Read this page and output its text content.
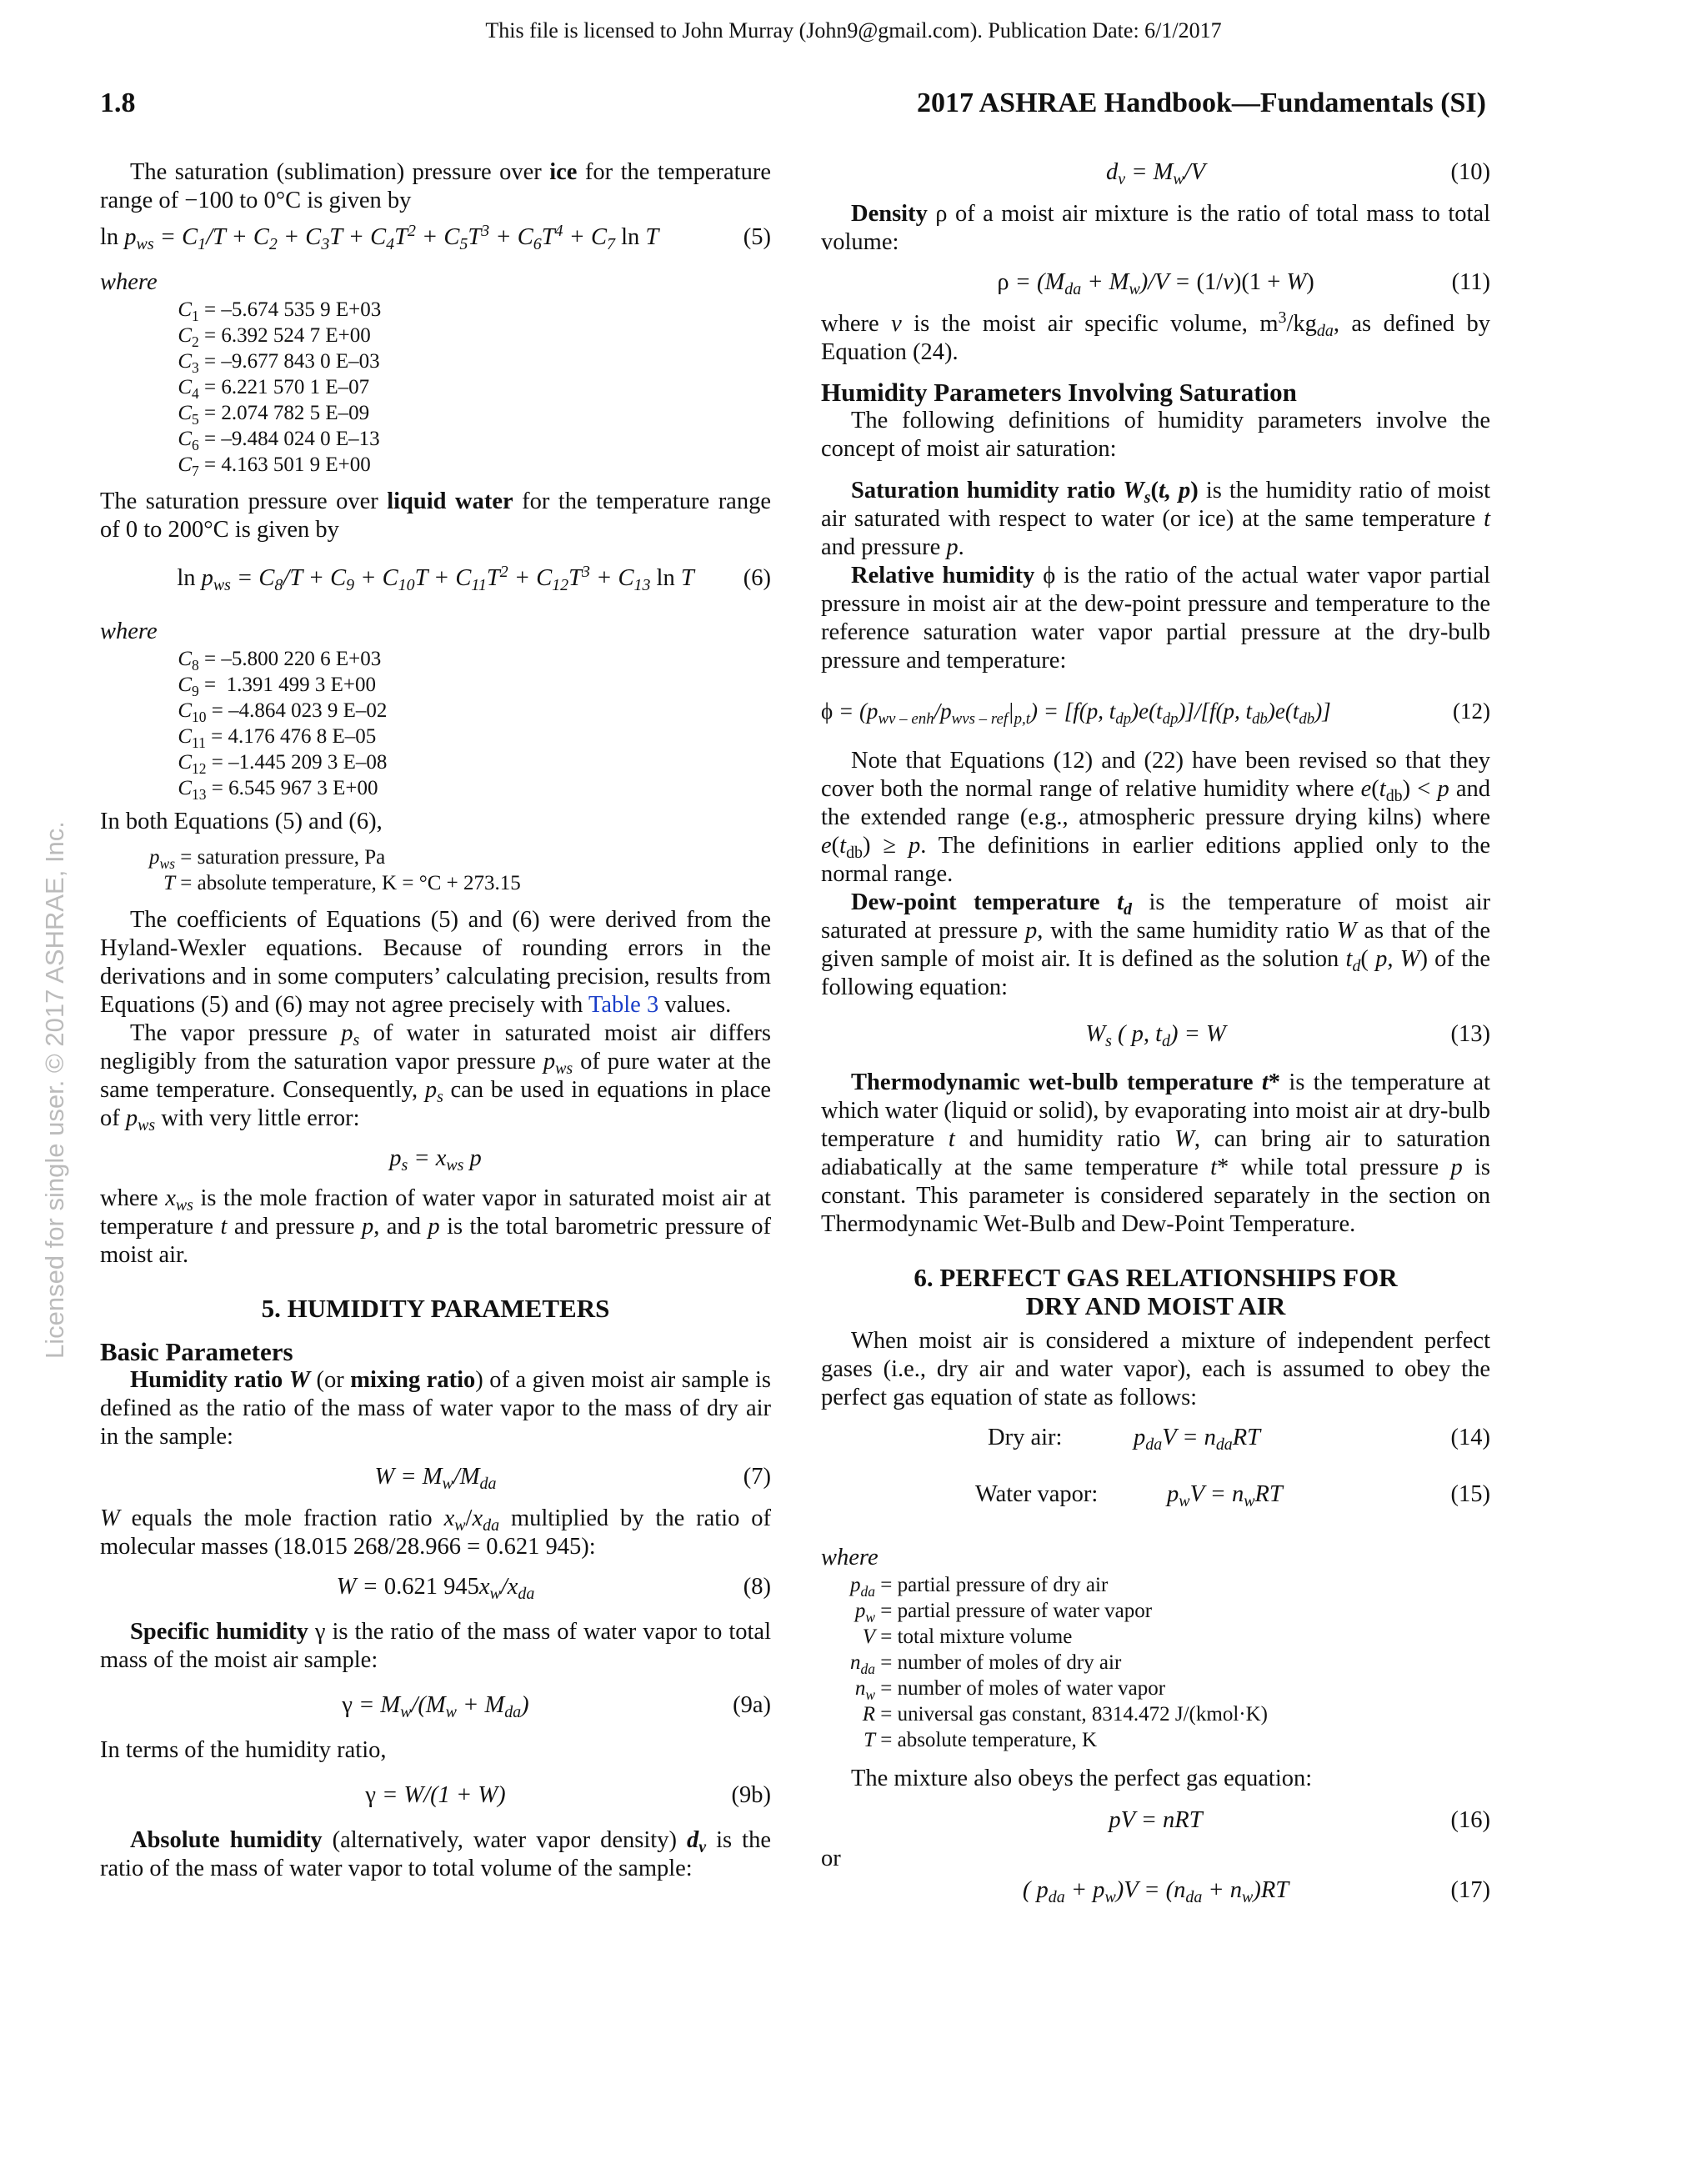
This file is licensed to John Murray (John9@gmail.com). Publication Date: 6/1/2017
1.8	2017 ASHRAE Handbook—Fundamentals (SI)
Licensed for single user. © 2017 ASHRAE, Inc.

The saturation (sublimation) pressure over ice for the temperature range of −100 to 0°C is given by

$\ln p_{ws} = C_1/T + C_2 + C_3T + C_4T^2 + C_5T^3 + C_6T^4 + C_7$ ln T	(5)
where
$C_1 = -5.674$ 535 9 E+03
$C_2 = 6.392$ 524 7 E+00
$C_3 = -9.677$ 843 0 E–03
$C_4 = 6.221$ 570 1 E–07
$C_5 = 2.074$ 782 5 E–09
$C_6 = -9.484$ 024 0 E–13
$C_7 = 4.163$ 501 9 E+00

The saturation pressure over liquid water for the temperature range of 0 to 200°C is given by

$\ln p_{ws} = C_8/T + C_9 + C_{10}T + C_{11}T^2 + C_{12}T^3 + C_{13}$ ln T (6)
where
$C_8 = -5.800$ 220 6 E+03
$C_9 = 1.391$ 499 3 E+00
$C_{10} = -4.864$ 023 9 E–02
$C_{11} = 4.176$ 476 8 E–05
$C_{12} = -1.445$ 209 3 E–08
$C_{13} = 6.545$ 967 3 E+00

In both Equations (5) and (6),

$p_{ws}$ = saturation pressure, Pa
T = absolute temperature, K = °C + 273.15

The coefficients of Equations (5) and (6) were derived from the Hyland-Wexler equations. Because of rounding errors in the derivations and in some computers’ calculating precision, results from Equations (5) and (6) may not agree precisely with Table 3 values.

The vapor pressure $p_s$ of water in saturated moist air differs negligibly from the saturation vapor pressure $p_{ws}$ of pure water at the same temperature. Consequently, $p_s$ can be used in equations in place of $p_{ws}$ with very little error:

$p_s = x_{ws}$ p

where $x_{ws}$ is the mole fraction of water vapor in saturated moist air at temperature t and pressure p, and p is the total barometric pressure of moist air.

5. HUMIDITY PARAMETERS
Basic Parameters

Humidity ratio W (or mixing ratio) of a given moist air sample is defined as the ratio of the mass of water vapor to the mass of dry air in the sample:

$W = M_w/M_{da}$	(7)

W equals the mole fraction ratio $x_w/x_{da}$ multiplied by the ratio of molecular masses (18.015 268/28.966 = 0.621 945):

W = 0.621 $945x_w/x_{da}$	(8)

Specific humidity γ is the ratio of the mass of water vapor to total mass of the moist air sample:

$\gamma = M_w/(M_w + M_{da})$	(9a)

In terms of the humidity ratio,

γ = W/(1 + W)	(9b)

Absolute humidity (alternatively, water vapor density) $d_v$ is the ratio of the mass of water vapor to total volume of the sample:

$d_v = M_w/V$	(10)

Density ρ of a moist air mixture is the ratio of total mass to total volume:

$\rho = (M_{da} + M_w)/V = (1/v)(1 + W)$	(11)

where v is the moist air specific volume, $m^3/kg_{da}$, as defined by Equation (24).

Humidity Parameters Involving Saturation

The following definitions of humidity parameters involve the concept of moist air saturation:

Saturation humidity ratio $W_s(t$, p) is the humidity ratio of moist air saturated with respect to water (or ice) at the same temperature t and pressure p.

Relative humidity ϕ is the ratio of the actual water vapor partial pressure in moist air at the dew-point pressure and temperature to the reference saturation water vapor partial pressure at the dry-bulb pressure and temperature:

$\phi = (p_{wv - enh}/p_{wvs - ref}|_{p,t}) = [f(p$, $t_{dp})e(t_{dp})]/[f(p$, $t_{db})e(t_{db})$]	(12)

Note that Equations (12) and (22) have been revised so that they cover both the normal range of relative humidity where $e(t_{db}) < p$ and the extended range (e.g., atmospheric pressure drying kilns) where $e(t_{db}) \ge p$. The definitions in earlier editions applied only to the normal range.

Dew-point temperature $t_d$ is the temperature of moist air saturated at pressure p, with the same humidity ratio W as that of the given sample of moist air. It is defined as the solution $t_d$( p, W) of the following equation:

$W_s$ ( p, $t_d) = W$	(13)

Thermodynamic wet-bulb temperature t* is the temperature at which water (liquid or solid), by evaporating into moist air at dry-bulb temperature t and humidity ratio W, can bring air to saturation adiabatically at the same temperature t* while total pressure p is constant. This parameter is considered separately in the section on Thermodynamic Wet-Bulb and Dew-Point Temperature.

6. PERFECT GAS RELATIONSHIPS FOR
DRY AND MOIST AIR

When moist air is considered a mixture of independent perfect gases (i.e., dry air and water vapor), each is assumed to obey the perfect gas equation of state as follows:

Dry air:	$p_{da}V = n_{da}RT$	(14)
Water vapor:	$p_wV = n_wRT$	(15)
where
$p_{da}$ = partial pressure of dry air
$p_w$ = partial pressure of water vapor
V = total mixture volume
$n_{da}$ = number of moles of dry air
$n_w$ = number of moles of water vapor
R = universal gas constant, 8314.472 J/(kmol·K)
T = absolute temperature, K

The mixture also obeys the perfect gas equation:

pV = nRT	(16)

or

( $p_{da} + p_w)V = (n_{da} + n_w)RT$	(17)
